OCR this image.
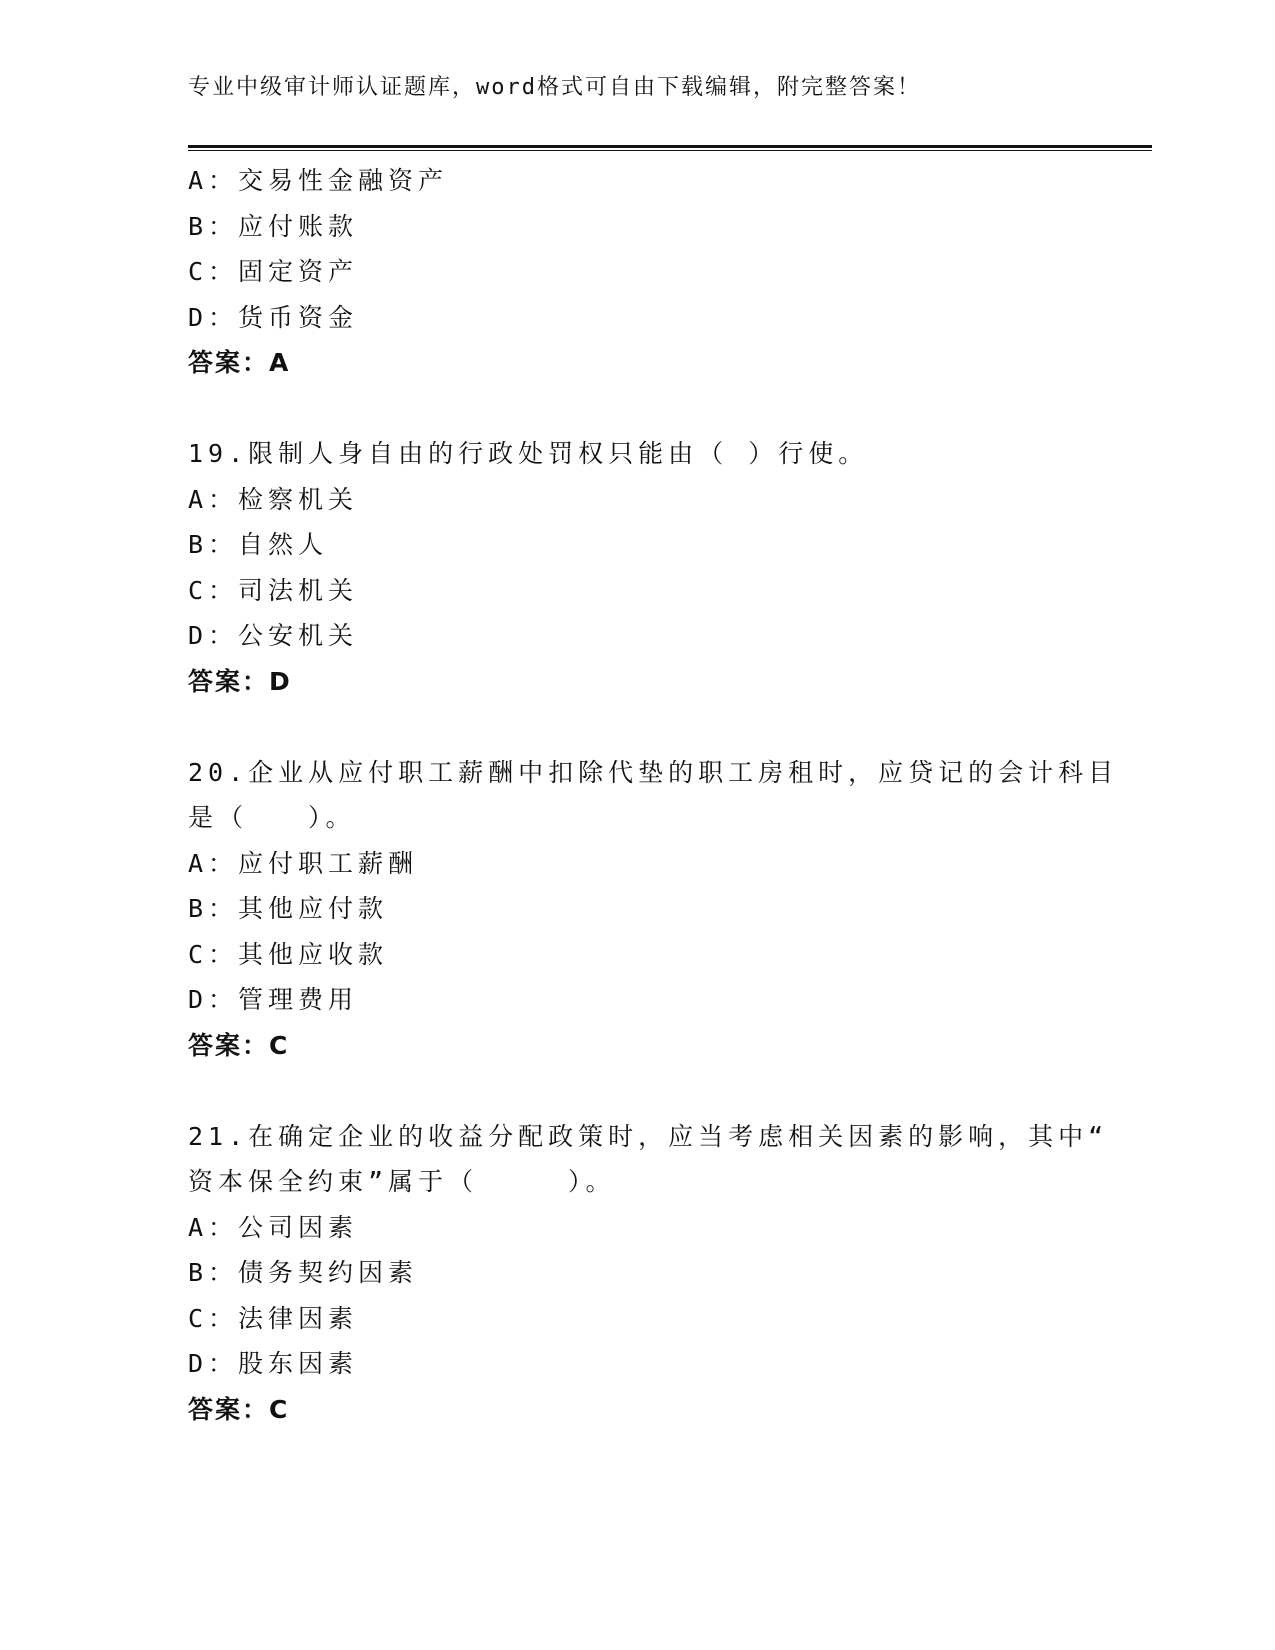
专业中级审计师认证题库，word格式可自由下载编辑，附完整答案！
A：交易性金融资产
B：应付账款
C：固定资产
D：货币资金
答案：A
19.限制人身自由的行政处罚权只能由（ ）行使。
A：检察机关
B：自然人
C：司法机关
D：公安机关
答案：D
20.企业从应付职工薪酬中扣除代垫的职工房租时，应贷记的会计科目
是（　　）。
A：应付职工薪酬
B：其他应付款
C：其他应收款
D：管理费用
答案：C
21.在确定企业的收益分配政策时，应当考虑相关因素的影响，其中“
资本保全约束”属于（　　　）。
A：公司因素
B：债务契约因素
C：法律因素
D：股东因素
答案：C
